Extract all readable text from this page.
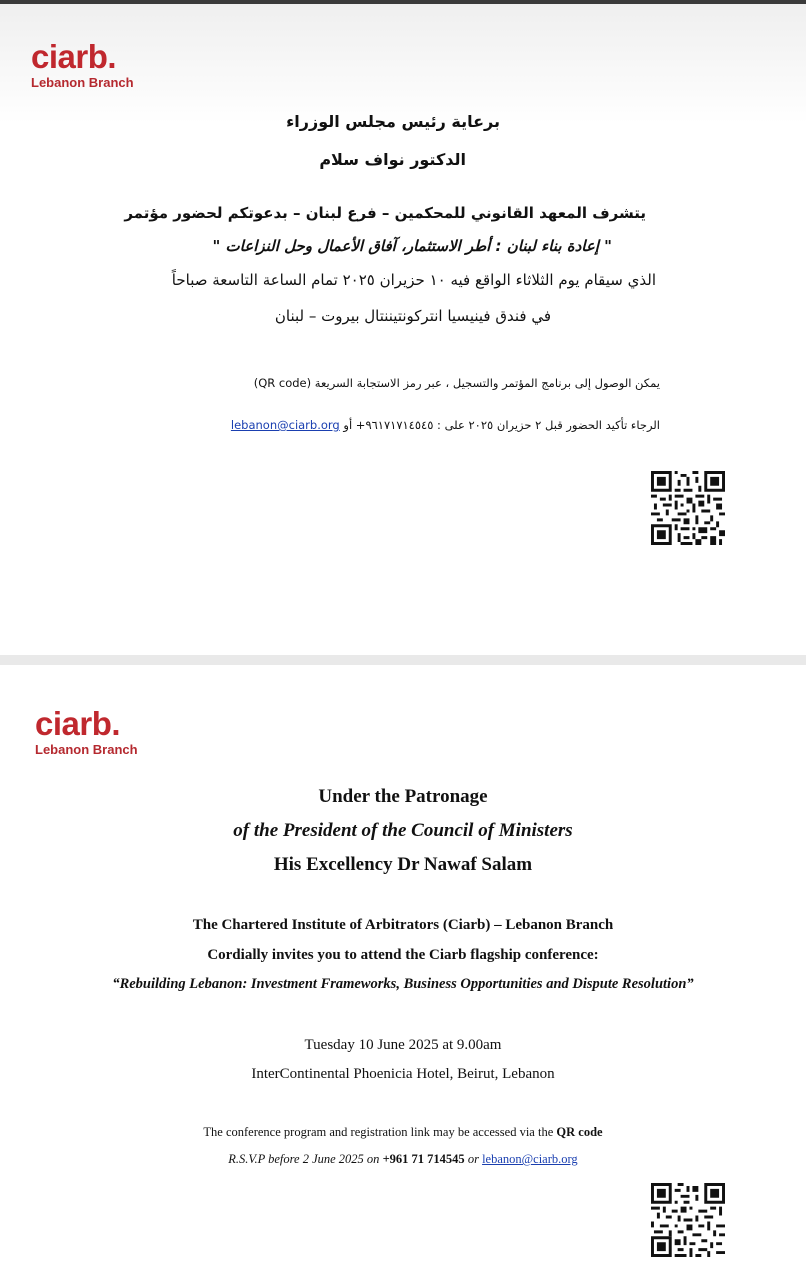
ciarb.
Lebanon Branch
برعاية رئيس مجلس الوزراء
الدكتور نواف سلام
يتشرف المعهد القانوني للمحكمين – فرع لبنان – بدعوتكم لحضور مؤتمر
" إعادة بناء لبنان : أطر الاستثمار، آفاق الأعمال وحل النزاعات "
الذي سيقام يوم الثلاثاء الواقع فيه ١٠ حزيران ٢٠٢٥ تمام الساعة التاسعة صباحاً
في فندق فينيسيا انتركونتيننتال بيروت – لبنان
يمكن الوصول إلى برنامج المؤتمر والتسجيل ، عبر رمز الاستجابة السريعة (QR code)
الرجاء تأكيد الحضور قبل ٢ حزيران ٢٠٢٥ على : ٩٦١٧١٧١٤٥٤٥+ أو lebanon@ciarb.org
ciarb.
Lebanon Branch
Under the Patronage
of the President of the Council of Ministers
His Excellency Dr Nawaf Salam
The Chartered Institute of Arbitrators (Ciarb) – Lebanon Branch
Cordially invites you to attend the Ciarb flagship conference:
“Rebuilding Lebanon: Investment Frameworks, Business Opportunities and Dispute Resolution”
Tuesday 10 June 2025 at 9.00am
InterContinental Phoenicia Hotel, Beirut, Lebanon
The conference program and registration link may be accessed via the QR code
R.S.V.P before 2 June 2025 on +961 71 714545 or lebanon@ciarb.org
